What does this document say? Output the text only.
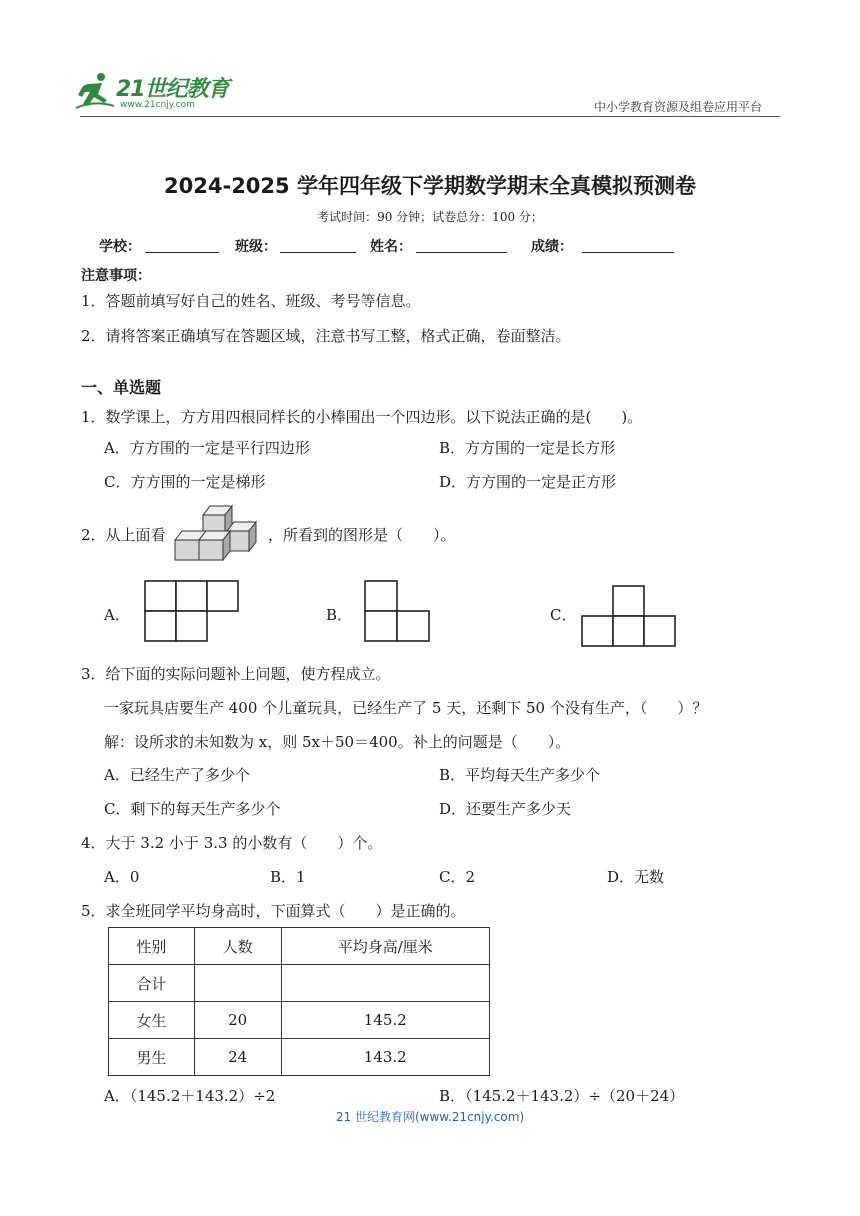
21世纪教育
www.21cnjy.com	中小学教育资源及组卷应用平台
2024-2025 学年四年级下学期数学期末全真模拟预测卷
考试时间：90 分钟；试卷总分：100 分；
学校：	班级：	姓名：	成绩：
注意事项：
1．答题前填写好自己的姓名、班级、考号等信息。
2．请将答案正确填写在答题区域，注意书写工整，格式正确，卷面整洁。
一、单选题
1．数学课上，方方用四根同样长的小棒围出一个四边形。以下说法正确的是(　　)。
A．方方围的一定是平行四边形	B．方方围的一定是长方形
C．方方围的一定是梯形	D．方方围的一定是正方形
2．从上面看	，所看到的图形是（　　）。
A．	B．	C．
3．给下面的实际问题补上问题，使方程成立。
一家玩具店要生产 400 个儿童玩具，已经生产了 5 天，还剩下 50 个没有生产，（　　）？
解：设所求的未知数为 x，则 5x＋50＝400。补上的问题是（　　）。
A．已经生产了多少个	B．平均每天生产多少个
C．剩下的每天生产多少个	D．还要生产多少天
4．大于 3.2 小于 3.3 的小数有（　　）个。
A．0	B．1	C．2	D．无数
5．求全班同学平均身高时，下面算式（　　）是正确的。
性别	人数	平均身高/厘米
合计		
女生	20	145.2
男生	24	143.2
A．（145.2＋143.2）÷2	B．（145.2＋143.2）÷（20＋24）
21 世纪教育网(www.21cnjy.com)
